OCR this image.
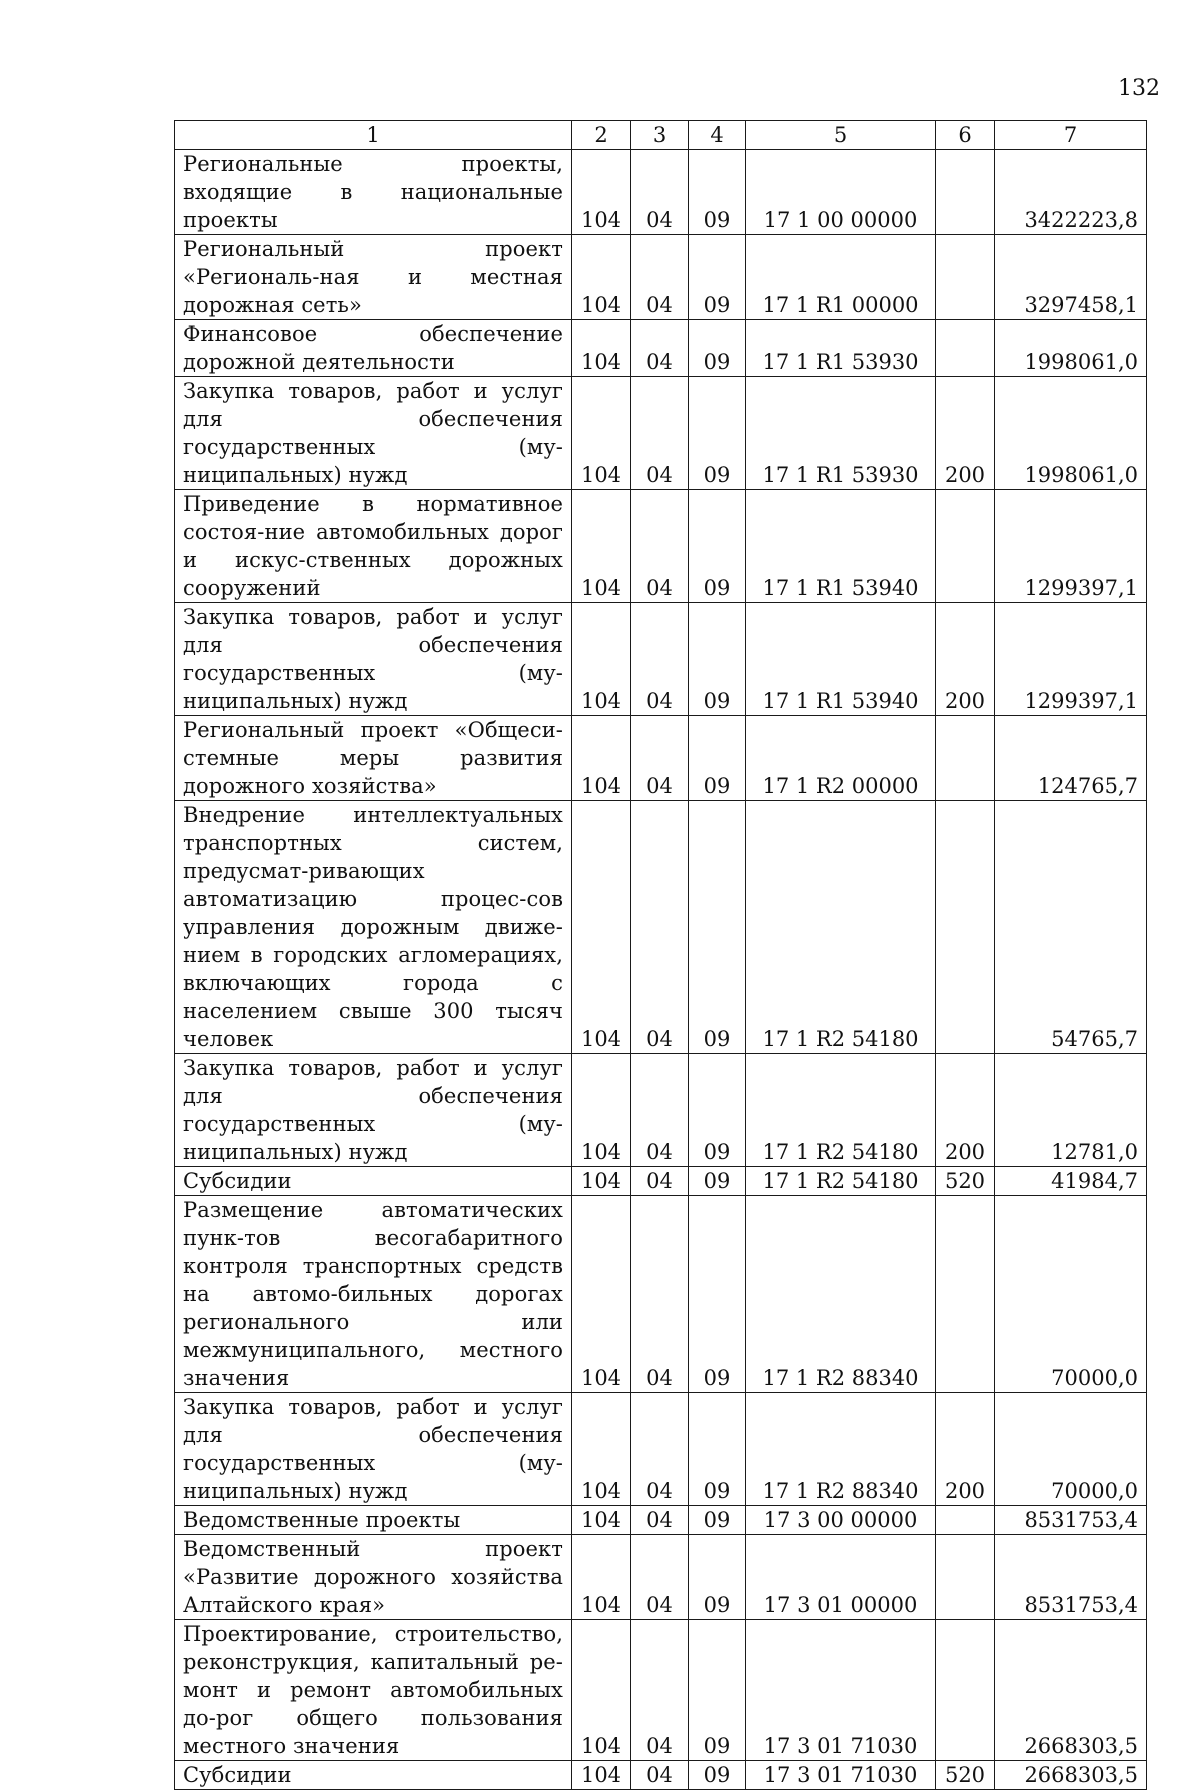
132
1	2	3	4	5	6	7
Региональные проекты, входящие в национальные проекты	104	04	09	17 1 00 00000		3422223,8
Региональный проект «Региональ-ная и местная дорожная сеть»	104	04	09	17 1 R1 00000		3297458,1
Финансовое обеспечение дорожной деятельности	104	04	09	17 1 R1 53930		1998061,0
Закупка товаров, работ и услуг для обеспечения государственных (му-ниципальных) нужд	104	04	09	17 1 R1 53930	200	1998061,0
Приведение в нормативное состоя-ние автомобильных дорог и искус-ственных дорожных сооружений	104	04	09	17 1 R1 53940		1299397,1
Закупка товаров, работ и услуг для обеспечения государственных (му-ниципальных) нужд	104	04	09	17 1 R1 53940	200	1299397,1
Региональный проект «Общеси-стемные меры развития дорожного хозяйства»	104	04	09	17 1 R2 00000		124765,7
Внедрение интеллектуальных транспортных систем, предусмат-ривающих автоматизацию процес-сов управления дорожным движе-нием в городских агломерациях, включающих города с населением свыше 300 тысяч человек	104	04	09	17 1 R2 54180		54765,7
Закупка товаров, работ и услуг для обеспечения государственных (му-ниципальных) нужд	104	04	09	17 1 R2 54180	200	12781,0
Субсидии	104	04	09	17 1 R2 54180	520	41984,7
Размещение автоматических пунк-тов весогабаритного контроля транспортных средств на автомо-бильных дорогах регионального или межмуниципального, местного значения	104	04	09	17 1 R2 88340		70000,0
Закупка товаров, работ и услуг для обеспечения государственных (му-ниципальных) нужд	104	04	09	17 1 R2 88340	200	70000,0
Ведомственные проекты	104	04	09	17 3 00 00000		8531753,4
Ведомственный проект «Развитие дорожного хозяйства Алтайского края»	104	04	09	17 3 01 00000		8531753,4
Проектирование, строительство, реконструкция, капитальный ре-монт и ремонт автомобильных до-рог общего пользования местного значения	104	04	09	17 3 01 71030		2668303,5
Субсидии	104	04	09	17 3 01 71030	520	2668303,5
